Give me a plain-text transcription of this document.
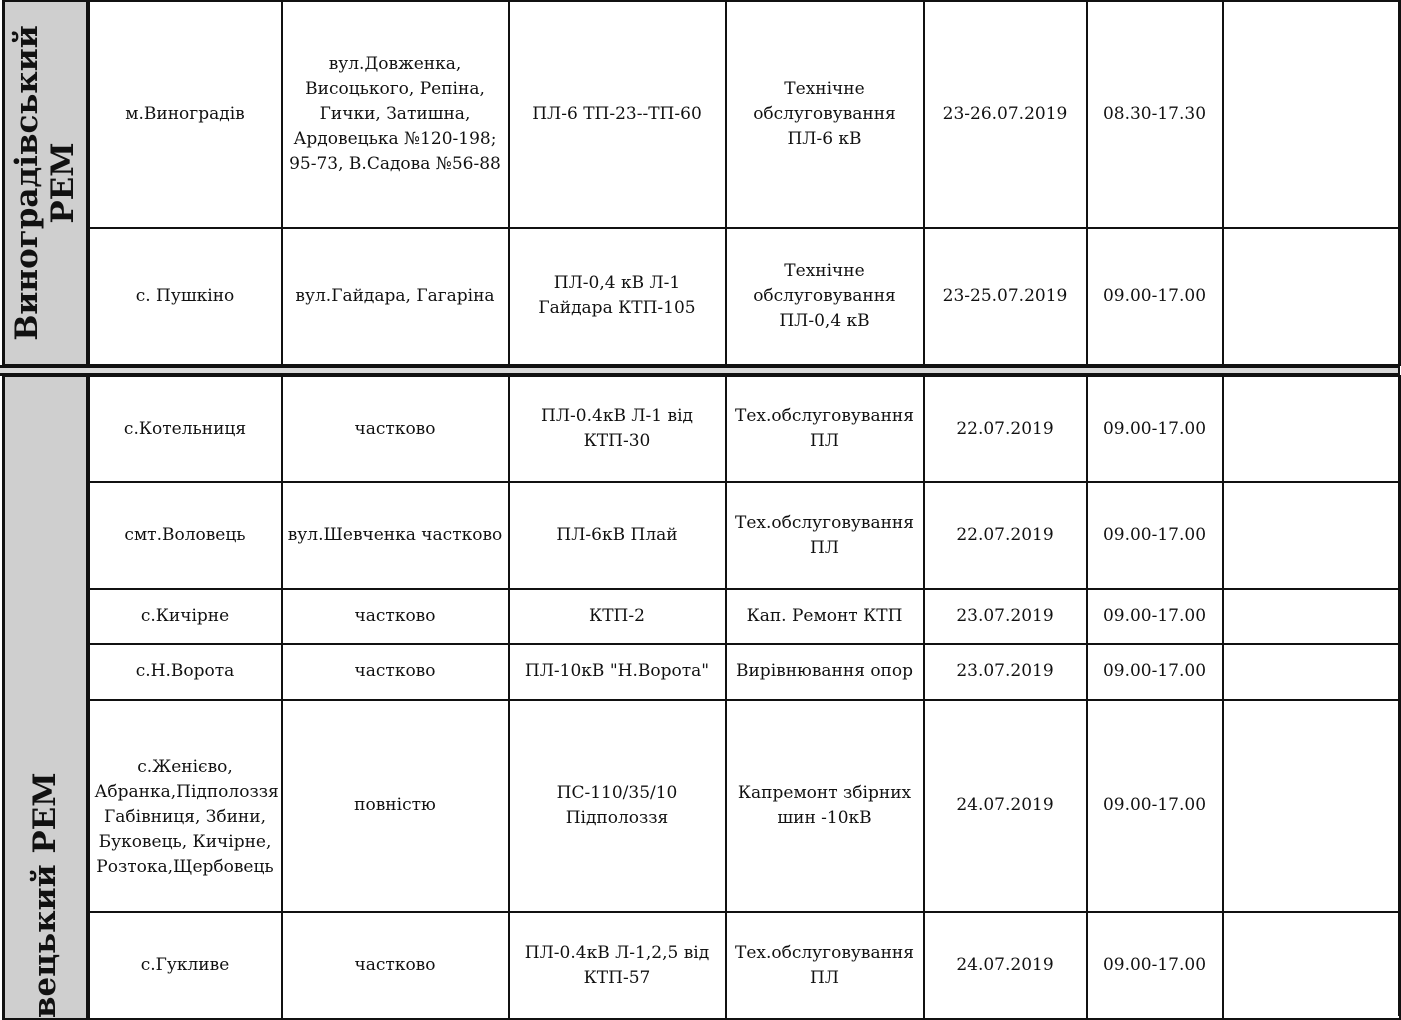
Виноградівський
РЕМ	м.Виноградів	вул.Довженка, Висоцького, Репіна, Гички, Затишна, Ардовецька №120-198; 95-73, В.Садова №56-88	ПЛ-6 ТП-23--ТП-60	Технічне обслуговування ПЛ-6 кВ	23-26.07.2019	08.30-17.30	
	с. Пушкіно	вул.Гайдара, Гагаріна	ПЛ-0,4 кВ Л-1 Гайдара КТП-105	Технічне обслуговування ПЛ-0,4 кВ	23-25.07.2019	09.00-17.00	
вецький РЕМ	с.Котельниця	частково	ПЛ-0.4кВ Л-1 від КТП-30	Тех.обслуговування ПЛ	22.07.2019	09.00-17.00	
	смт.Воловець	вул.Шевченка частково	ПЛ-6кВ Плай	Тех.обслуговування ПЛ	22.07.2019	09.00-17.00	
	с.Кичірне	частково	КТП-2	Кап. Ремонт КТП	23.07.2019	09.00-17.00	
	с.Н.Ворота	частково	ПЛ-10кВ "Н.Ворота"	Вирівнювання опор	23.07.2019	09.00-17.00	

	с.Женієво, Абранка,Підполоззя Габівниця, Збини, Буковець, Кичірне, Розтока,Щербовець	повністю	ПС-110/35/10 Підполоззя	Капремонт збірних шин -10кВ	24.07.2019	09.00-17.00	
	с.Гукливе	частково	ПЛ-0.4кВ Л-1,2,5 від КТП-57	Тех.обслуговування ПЛ	24.07.2019	09.00-17.00	
